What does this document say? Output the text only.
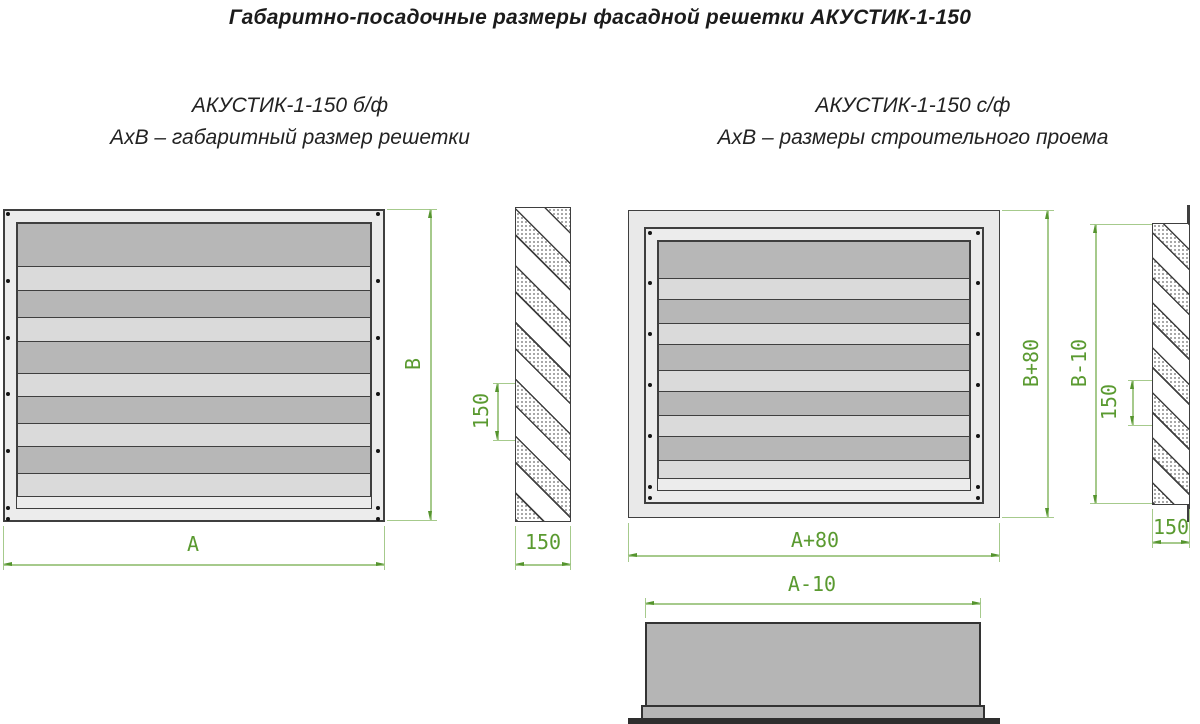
Габаритно-посадочные размеры фасадной решетки АКУСТИК-1-150
АКУСТИК-1-150 б/ф
АхВ – габаритный размер решетки
АКУСТИК-1-150 с/ф
АхВ – размеры строительного проема
В
А
150
150	А+80
В+80 В-10
150
150
А-10
